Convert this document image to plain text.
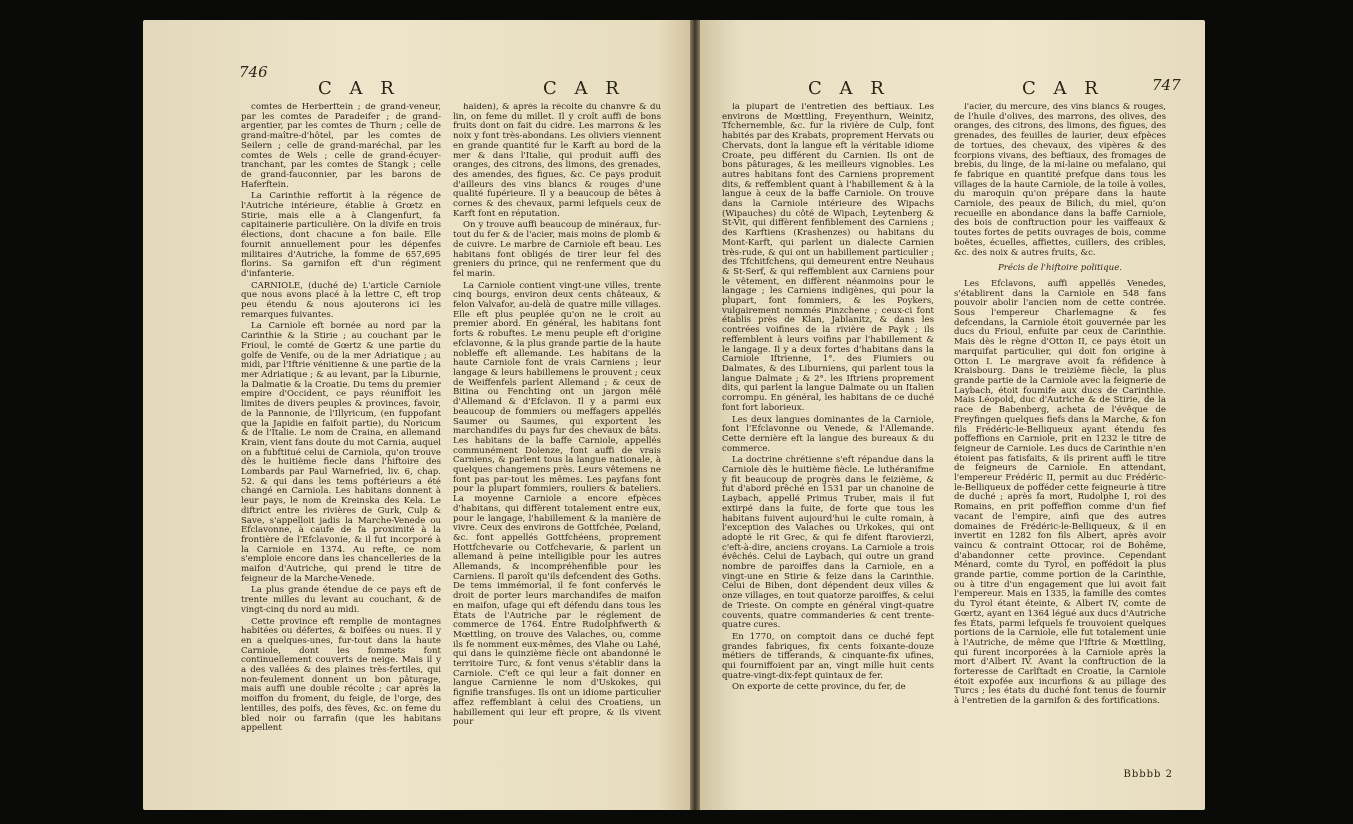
746
C A R	C A R

comtes de Herberftein ; de grand-veneur, par les comtes de Paradeifer ; de grand-argentier, par les comtes de Thurn ; celle de grand-maître-d'hôtel, par les comtes de Seilern ; celle de grand-maréchal, par les comtes de Wels ; celle de grand-écuyer-tranchant, par les comtes de Stangk ; celle de grand-fauconnier, par les barons de Haferftein.

La Carinthie reffortit à la régence de l'Autriche intérieure, établie à Grœtz en Stirie, mais elle a à Clangenfurt, fa capitainerie particulière. On la divife en trois élections, dont chacune a fon baile. Elle fournit annuellement pour les dépenfes militaires d'Autriche, la fomme de 657,695 florins. Sa garnifon eft d'un régiment d'infanterie.

CARNIOLE, (duché de) L'article Carniole que nous avons placé à la lettre C, eft trop peu étendu & nous ajouterons ici les remarques fuivantes.

La Carniole eft bornée au nord par la Carinthie & la Stirie ; au couchant par le Frioul, le comté de Gœrtz & une partie du golfe de Venife, ou de la mer Adriatique ; au midi, par l'Iftrie vénitienne & une partie de la mer Adriatique ; & au levant, par la Liburnie, la Dalmatie & la Croatie. Du tems du premier empire d'Occident, ce pays réuniffoit les limites de divers peuples & provinces, favoir, de la Pannonie, de l'Illyricum, (en fuppofant que la Japidie en faifoit partie), du Noricum & de l'Italie. Le nom de Craina, en allemand Krain, vient fans doute du mot Carnia, auquel on a fubftitué celui de Carniola, qu'on trouve dès le huitième fiecle dans l'hiftoire des Lombards par Paul Warnefried, liv. 6, chap. 52. & qui dans les tems poftérieurs a été changé en Carniola. Les habitans donnent à leur pays, le nom de Kreinska des Kela. Le diftrict entre les rivières de Gurk, Culp & Save, s'appelloit jadis la Marche-Venede ou Efclavonne, à caufe de fa proximité à la frontière de l'Efclavonie, & il fut incorporé à la Carniole en 1374. Au refte, ce nom s'emploie encore dans les chancelleries de la maifon d'Autriche, qui prend le titre de feigneur de la Marche-Venede.

La plus grande étendue de ce pays eft de trente milles du levant au couchant, & de vingt-cinq du nord au midi.

Cette province eft remplie de montagnes habitées ou défertes, & boifées ou nues. Il y en a quelques-unes, fur-tout dans la haute Carniole, dont les fommets font continuellement couverts de neige. Mais il y a des vallées & des plaines très-fertiles, qui non-feulement donnent un bon pâturage, mais auffi une double récolte ; car après la moiffon du froment, du feigle, de l'orge, des lentilles, des poifs, des fèves, &c. on feme du bled noir ou farrafin (que les habitans appellent

haiden), & après la récolte du chanvre & du lin, on feme du millet. Il y croît auffi de bons fruits dont on fait du cidre. Les marrons & les noix y font très-abondans. Les oliviers viennent en grande quantité fur le Karft au bord de la mer & dans l'Italie, qui produit auffi des oranges, des citrons, des limons, des grenades, des amendes, des figues, &c. Ce pays produit d'ailleurs des vins blancs & rouges d'une qualité fupérieure. Il y a beaucoup de bêtes à cornes & des chevaux, parmi lefquels ceux de Karft font en réputation.

On y trouve auffi beaucoup de minéraux, fur-tout du fer & de l'acier, mais moins de plomb & de cuivre. Le marbre de Carniole eft beau. Les habitans font obligés de tirer leur fel des greniers du prince, qui ne renferment que du fel marin.

La Carniole contient vingt-une villes, trente cinq bourgs, environ deux cents châteaux, & felon Valvafor, au-delà de quatre mille villages. Elle eft plus peuplée qu'on ne le croit au premier abord. En général, les habitans font forts & robuftes. Le menu peuple eft d'origine efclavonne, & la plus grande partie de la haute nobleffe eft allemande. Les habitans de la haute Carniole font de vrais Carniens ; leur langage & leurs habillemens le prouvent ; ceux de Weiffenfels parlent Allemand ; & ceux de Bitina ou Fenchting ont un jargon mêlé d'Allemand & d'Efclavon. Il y a parmi eux beaucoup de fommiers ou meffagers appellés Saumer ou Saumes, qui exportent les marchandifes du pays fur des chevaux de bâts. Les habitans de la baffe Carniole, appellés communément Dolenze, font auffi de vrais Carniens, & parlent tous la langue nationale, à quelques changemens près. Leurs vêtemens ne font pas par-tout les mêmes. Les payfans font pour la plupart fommiers, rouliers & bateliers. La moyenne Carniole a encore efpèces d'habitans, qui diffèrent totalement entre eux, pour le langage, l'habillement & la manière de vivre. Ceux des environs de Gottfchée, Pœland, &c. font appellés Gottfchéens, proprement Hottfchevarie ou Cotfchevarie, & parlent un allemand à peine intelligible pour les autres Allemands, & incompréhenfible pour les Carniens. Il paroît qu'ils defcendent des Goths. De tems immémorial, il fe font confervés le droit de porter leurs marchandifes de maifon en maifon, ufage qui eft défendu dans tous les États de l'Autriche par le réglement de commerce de 1764. Entre Rudolphfwerth & Mœttling, on trouve des Valaches, ou, comme ils fe nomment eux-mêmes, des Vlahe ou Lahé, qui dans le quinzième fiècle ont abandonné le territoire Turc, & font venus s'établir dans la Carniole. C'eft ce qui leur a fait donner en langue Carnienne le nom d'Uskokes, qui fignifie transfuges. Ils ont un idiome particulier affez reffemblant à celui des Croatiens, un habillement qui leur eft propre, & ils vivent pour

C A R	C A R	747

la plupart de l'entretien des beftiaux. Les environs de Mœttling, Freyenthurn, Weinitz, Tfchernemble, &c. fur la rivière de Culp, font habités par des Krabats, proprement Hervats ou Chervats, dont la langue eft la véritable idiome Croate, peu différent du Carnien. Ils ont de bons pâturages, & les meilleurs vignobles. Les autres habitans font des Carniens proprement dits, & reffemblent quant à l'habillement & à la langue à ceux de la baffe Carniole. On trouve dans la Carniole intérieure des Wipachs (Wipauches) du côté de Wipach, Leytenberg & St-Vit, qui diffèrent fenfiblement des Carniens ; des Karftiens (Krashenzes) ou habitans du Mont-Karft, qui parlent un dialecte Carnien très-rude, & qui ont un habillement particulier ; des Tfchitfchens, qui demeurent entre Neuhaus & St-Serf, & qui reffemblent aux Carniens pour le vêtement, en diffèrent néanmoins pour le langage ; les Carniens indigènes, qui pour la plupart, font fommiers, & les Poykers, vulgairement nommés Pinzchene ; ceux-ci font établis près de Klan, Jablanitz, & dans les contrées voifines de la rivière de Payk ; ils reffemblent à leurs voifins par l'habillement & le langage. Il y a deux fortes d'habitans dans la Carniole Iftrienne, 1°. des Fiumiers ou Dalmates, & des Liburniens, qui parlent tous la langue Dalmate ; & 2°. les Iftriens proprement dits, qui parlent la langue Dalmate ou un Italien corrompu. En général, les habitans de ce duché font fort laborieux.

Les deux langues dominantes de la Carniole, font l'Efclavonne ou Venede, & l'Allemande. Cette dernière eft la langue des bureaux & du commerce.

La doctrine chrétienne s'eft répandue dans la Carniole dès le huitième fiècle. Le luthéranifme y fit beaucoup de progrès dans le feizième, & fut d'abord prêché en 1531 par un chanoine de Laybach, appellé Primus Truber, mais il fut extirpé dans la fuite, de forte que tous les habitans fuivent aujourd'hui le culte romain, à l'exception des Valaches ou Urkokes, qui ont adopté le rit Grec, & qui fe difent ftarovierzi, c'eft-à-dire, anciens croyans. La Carniole a trois évêchés. Celui de Laybach, qui outre un grand nombre de paroiffes dans la Carniole, en a vingt-une en Stirie & feize dans la Carinthie. Celui de Biben, dont dépendent deux villes & onze villages, en tout quatorze paroiffes, & celui de Trieste. On compte en général vingt-quatre couvents, quatre commanderies & cent trente-quatre cures.

En 1770, on comptoit dans ce duché fept grandes fabriques, fix cents foixante-douze métiers de tifferands, & cinquante-fix ufines, qui fourniffoient par an, vingt mille huit cents quatre-vingt-dix-fept quintaux de fer.

On exporte de cette province, du fer, de

l'acier, du mercure, des vins blancs & rouges, de l'huile d'olives, des marrons, des olives, des oranges, des citrons, des limons, des figues, des grenades, des feuilles de laurier, deux efpèces de tortues, des chevaux, des vipères & des fcorpions vivans, des beftiaux, des fromages de brebis, du linge, de la mi-laine ou mefalano, qui fe fabrique en quantité prefque dans tous les villages de la haute Carniole, de la toile à voiles, du maroquin qu'on prépare dans la haute Carniole, des peaux de Bilich, du miel, qu'on recueille en abondance dans la baffe Carniole, des bois de conftruction pour les vaiffeaux & toutes fortes de petits ouvrages de bois, comme boëtes, écuelles, affiettes, cuillers, des cribles, &c. des noix & autres fruits, &c.

Précis de l'hiftoire politique.

Les Efclavons, auffi appellés Venedes, s'établirent dans la Carniole en 548 fans pouvoir abolir l'ancien nom de cette contrée. Sous l'empereur Charlemagne & fes defcendans, la Carniole étoit gouvernée par les ducs du Frioul, enfuite par ceux de Carinthie. Mais dès le règne d'Otton II, ce pays étoit un marquifat particulier, qui doit fon origine à Otton I. Le margrave avoit fa réfidence à Kraisbourg. Dans le treizième fiècle, la plus grande partie de la Carniole avec la feignerie de Laybach, étoit foumife aux ducs de Carinthie. Mais Léopold, duc d'Autriche & de Stirie, de la race de Babenberg, acheta de l'évêque de Freyfingen quelques fiefs dans la Marche, & fon fils Frédéric-le-Belliqueux ayant étendu fes poffeffions en Carniole, prit en 1232 le titre de feigneur de Carniole. Les ducs de Carinthie n'en étoient pas fatisfaits, & ils prirent auffi le titre de feigneurs de Carniole. En attendant, l'empereur Frédéric II, permit au duc Frédéric-le-Belliqueux de pofféder cette feigneurie à titre de duché ; après fa mort, Rudolphe I, roi des Romains, en prit poffeffion comme d'un fief vacant de l'empire, ainfi que des autres domaines de Frédéric-le-Belliqueux, & il en invertit en 1282 fon fils Albert, après avoir vaincu & contraint Ottocar, roi de Bohême, d'abandonner cette province. Cependant Ménard, comte du Tyrol, en poffédoit la plus grande partie, comme portion de la Carinthie, ou à titre d'un engagement que lui avoit fait l'empereur. Mais en 1335, la famille des comtes du Tyrol étant éteinte, & Albert IV, comte de Gœrtz, ayant en 1364 légué aux ducs d'Autriche fes États, parmi lefquels fe trouvoient quelques portions de la Carniole, elle fut totalement unie à l'Autriche, de même que l'Iftrie & Mœttling, qui furent incorporées à la Carniole après la mort d'Albert IV. Avant la conftruction de la forteresse de Carlftadt en Croatie, la Carniole étoit expofée aux incurfions & au pillage des Turcs ; les états du duché font tenus de fournir à l'entretien de la garnifon & des fortifications.

Bbbbb 2
